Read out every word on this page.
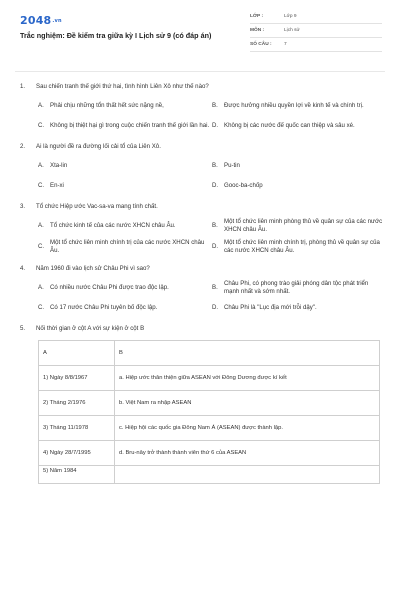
2048.vn
Trắc nghiệm: Đề kiểm tra giữa kỳ I Lịch sử 9 (có đáp án)
LỚP :	Lớp 9
MÔN :	Lịch sử
SỐ CÂU :	7
1.	Sau chiến tranh thế giới thứ hai, tình hình Liên Xô như thế nào?
A.	Phải chịu những tổn thất hết sức nặng nề,	B.	Được hưởng nhiều quyền lợi về kinh tế và chính trị.
C. Không bị thiệt hại gì trong cuộc chiến tranh thế giới lần hai. D. Không bị các nước đế quốc can thiệp và sâu xé.
2.	Ai là người đề ra đường lối cải tổ của Liên Xô.
A.	Xta-lin	B.	Pu-tin
C. En-xi	D. Gooc-ba-chốp
3.	Tổ chức Hiệp ước Vac-sa-va mang tính chất.
A.	Tổ chức kinh tế của các nước XHCN châu Âu.	B.
Một tổ chức liên minh phòng thủ về quân sự của các nước XHCN châu Âu.
C.
Một tổ chức liên minh chính trị của các nước XHCN châu Âu.
D.
Một tổ chức liên minh chính trị, phòng thủ về quân sự của các nước XHCN châu Âu.
4.	Năm 1960 đi vào lịch sử Châu Phi vì sao?
A.	Có nhiều nước Châu Phi được trao độc lập.	B.
Châu Phi, có phong trào giải phóng dân tộc phát triển mạnh nhất và sớm nhất.
C. Có 17 nước Châu Phi tuyên bố độc lập.	D. Châu Phi là "Lục địa mới trỗi dậy".
5.	Nối thời gian ở cột A với sự kiện ở cột B
A	B
1) Ngày 8/8/1967	a. Hiệp ước thân thiện giữa ASEAN với Đông Dương được kí kết
2) Tháng 2/1976	b. Việt Nam ra nhập ASEAN
3) Tháng 11/1978	c. Hiệp hội các quốc gia Đông Nam Á (ASEAN) được thành lập.
4) Ngày 28/7/1995	d. Bru-nây trở thành thành viên thứ 6 của ASEAN
5) Năm 1984	
